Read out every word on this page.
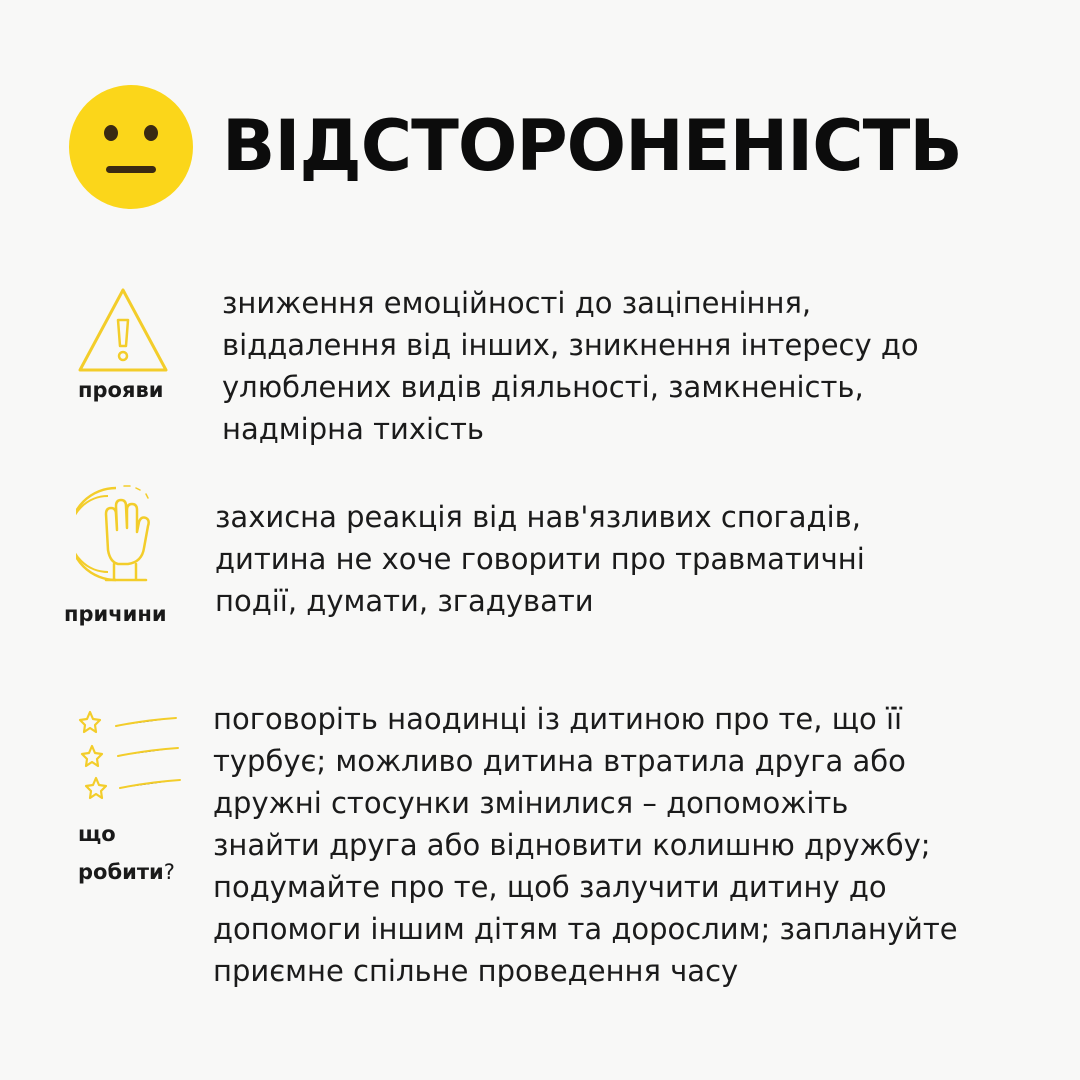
ВІДСТОРОНЕНІСТЬ
прояви
зниження емоційності до заціпеніння,
віддалення від інших, зникнення інтересу до
улюблених видів діяльності, замкненість,
надмірна тихість
причини
захисна реакція від нав'язливих спогадів,
дитина не хоче говорити про травматичні
події, думати, згадувати
що
робити?
поговоріть наодинці із дитиною про те, що її
турбує; можливо дитина втратила друга або
дружні стосунки змінилися – допоможіть
знайти друга або відновити колишню дружбу;
подумайте про те, щоб залучити дитину до
допомоги іншим дітям та дорослим; заплануйте
приємне спільне проведення часу
